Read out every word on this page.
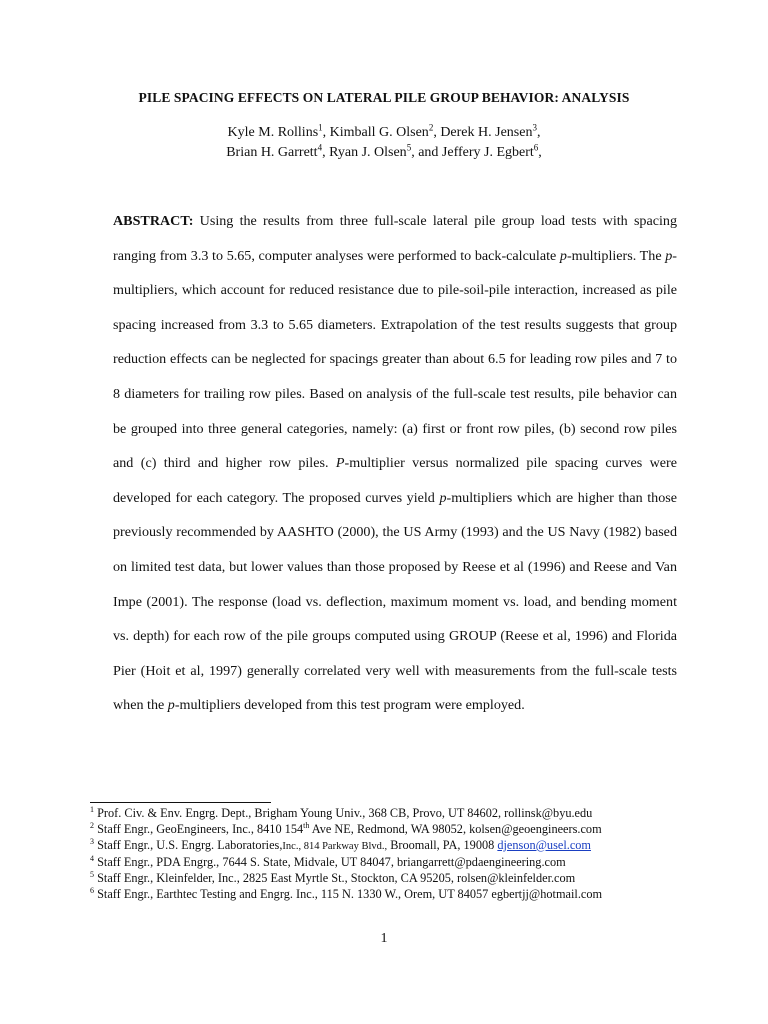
PILE SPACING EFFECTS ON LATERAL PILE GROUP BEHAVIOR: ANALYSIS
Kyle M. Rollins$^1$, Kimball G. Olsen$^2$, Derek H. Jensen$^3$,
Brian H. Garrett$^4$, Ryan J. Olsen$^5$, and Jeffery J. Egbert$^6$,
ABSTRACT: Using the results from three full-scale lateral pile group load tests with spacing ranging from 3.3 to 5.65, computer analyses were performed to back-calculate p-multipliers. The p-multipliers, which account for reduced resistance due to pile-soil-pile interaction, increased as pile spacing increased from 3.3 to 5.65 diameters. Extrapolation of the test results suggests that group reduction effects can be neglected for spacings greater than about 6.5 for leading row piles and 7 to 8 diameters for trailing row piles. Based on analysis of the full-scale test results, pile behavior can be grouped into three general categories, namely: (a) first or front row piles, (b) second row piles and (c) third and higher row piles. P-multiplier versus normalized pile spacing curves were developed for each category. The proposed curves yield p-multipliers which are higher than those previously recommended by AASHTO (2000), the US Army (1993) and the US Navy (1982) based on limited test data, but lower values than those proposed by Reese et al (1996) and Reese and Van Impe (2001). The response (load vs. deflection, maximum moment vs. load, and bending moment vs. depth) for each row of the pile groups computed using GROUP (Reese et al, 1996) and Florida Pier (Hoit et al, 1997) generally correlated very well with measurements from the full-scale tests when the p-multipliers developed from this test program were employed.
$^1$ Prof. Civ. & Env. Engrg. Dept., Brigham Young Univ., 368 CB, Provo, UT 84602, rollinsk@byu.edu
$^2$ Staff Engr., GeoEngineers, Inc., 8410 154th Ave NE, Redmond, WA 98052, kolsen@geoengineers.com
$^3$ Staff Engr., U.S. Engrg. Laboratories,Inc., 814 Parkway Blvd., Broomall, PA, 19008 djenson@usel.com
$^4$ Staff Engr., PDA Engrg., 7644 S. State, Midvale, UT 84047, briangarrett@pdaengineering.com
$^5$ Staff Engr., Kleinfelder, Inc., 2825 East Myrtle St., Stockton, CA 95205, rolsen@kleinfelder.com
$^6$ Staff Engr., Earthtec Testing and Engrg. Inc., 115 N. 1330 W., Orem, UT 84057 egbertjj@hotmail.com
1
